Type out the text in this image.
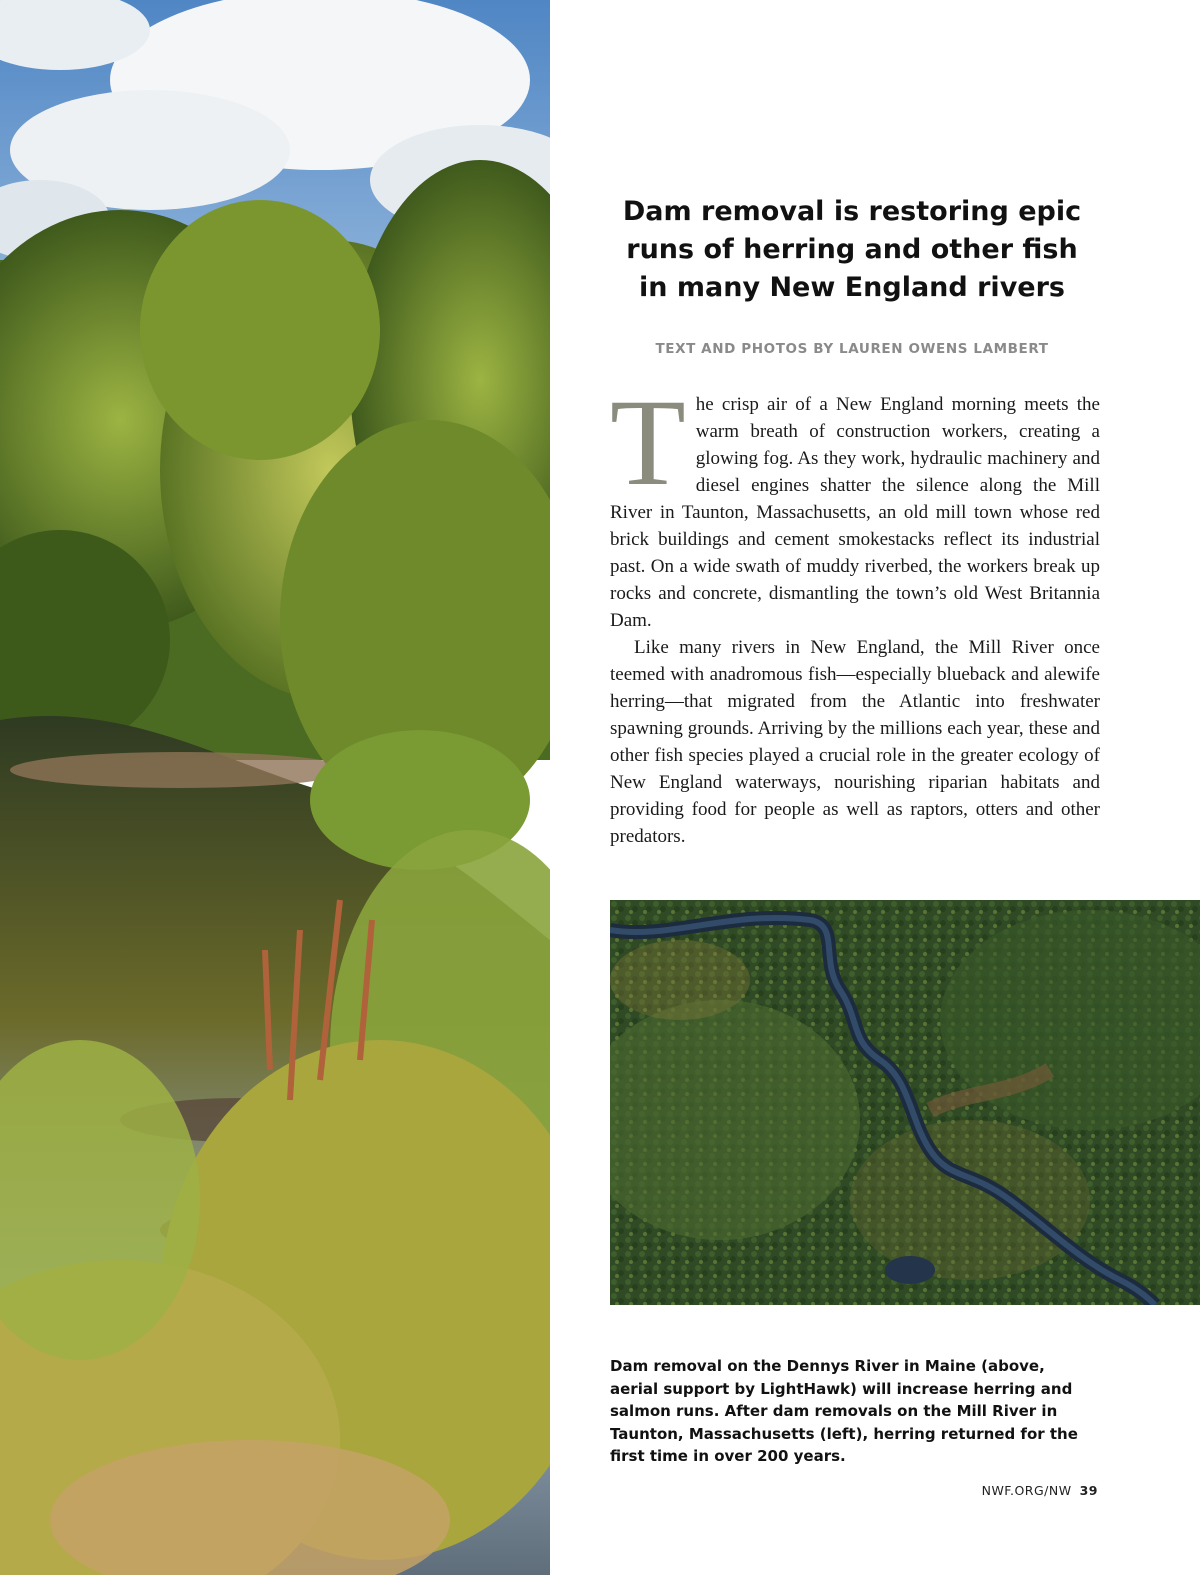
Dam removal is restoring epic runs of herring and other fish in many New England rivers
TEXT AND PHOTOS BY LAUREN OWENS LAMBERT

The crisp air of a New England morning meets the warm breath of construction workers, creating a glowing fog. As they work, hydraulic machinery and diesel engines shatter the silence along the Mill River in Taunton, Massachusetts, an old mill town whose red brick buildings and cement smokestacks reflect its industrial past. On a wide swath of muddy riverbed, the workers break up rocks and concrete, dismantling the town’s old West Britannia Dam.

Like many rivers in New England, the Mill River once teemed with anadromous fish—especially blueback and alewife herring—that migrated from the Atlantic into freshwater spawning grounds. Arriving by the millions each year, these and other fish species played a crucial role in the greater ecology of New England waterways, nourishing riparian habitats and providing food for people as well as raptors, otters and other predators.

Dam removal on the Dennys River in Maine (above, aerial support by LightHawk) will increase herring and salmon runs. After dam removals on the Mill River in Taunton, Massachusetts (left), herring returned for the first time in over 200 years.

NWF.ORG/NW 39
